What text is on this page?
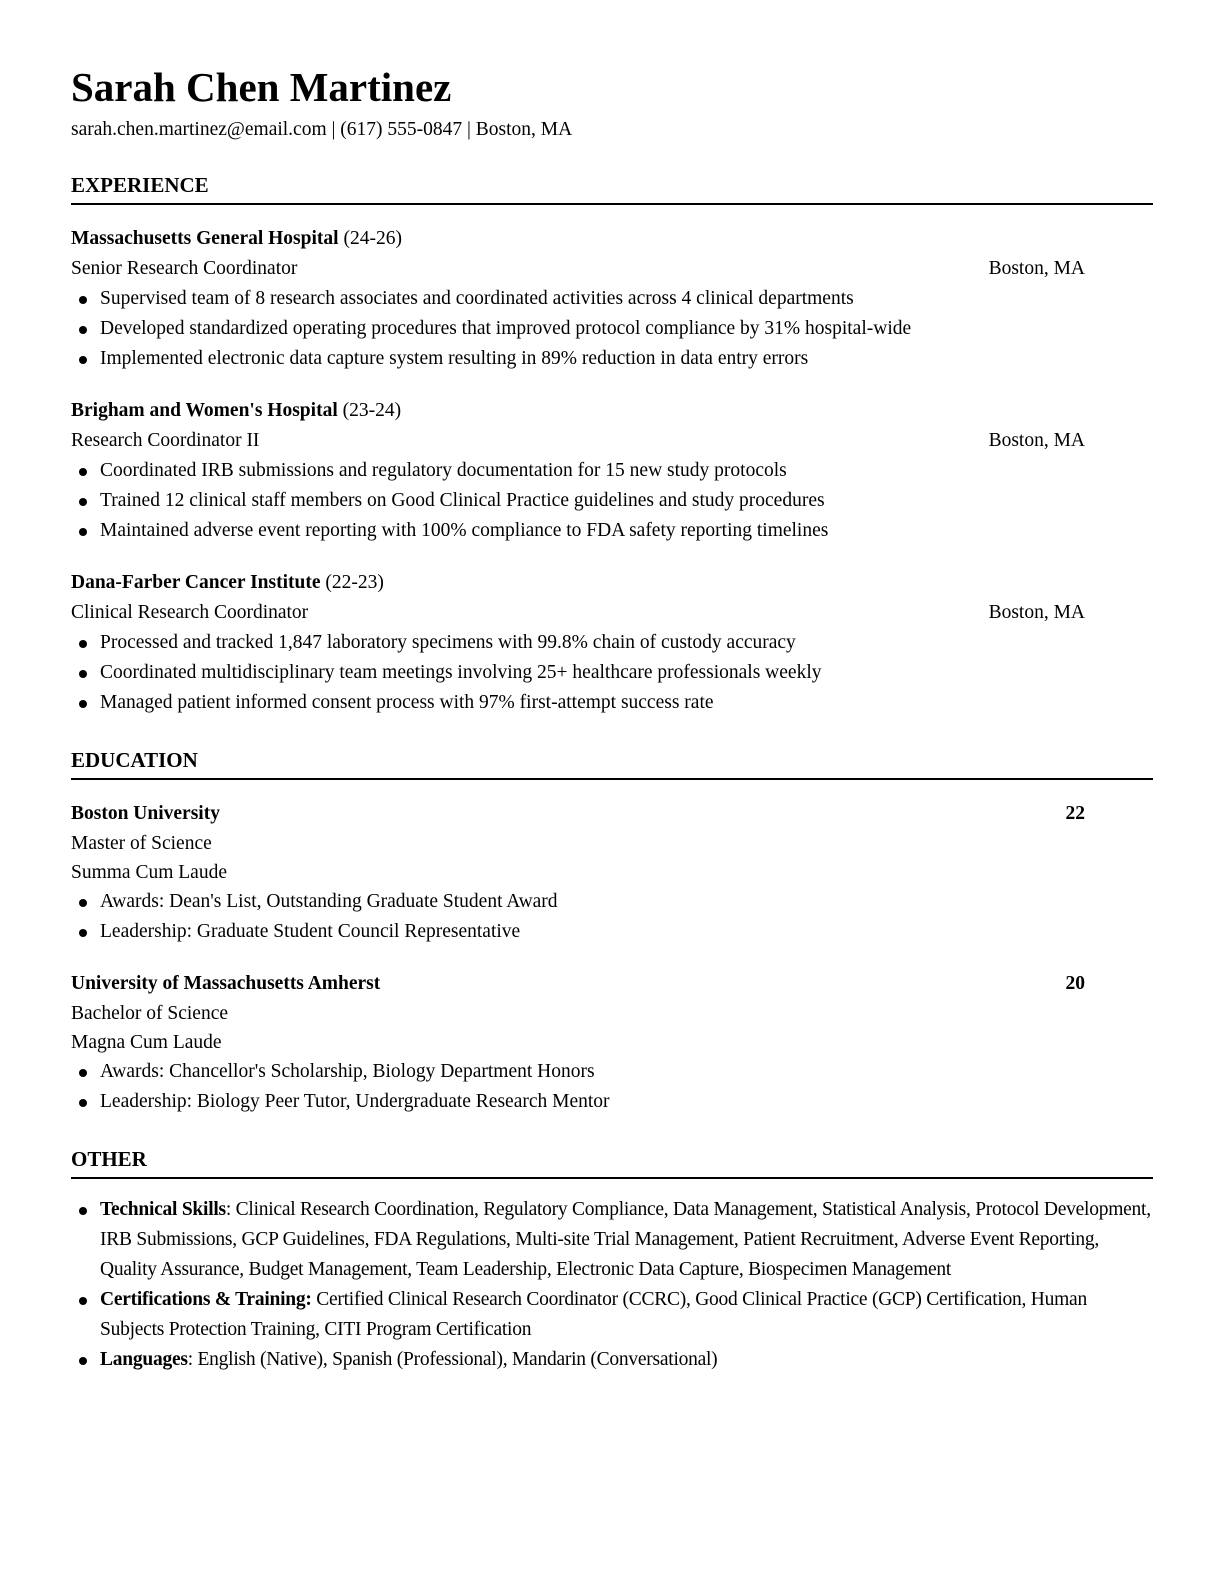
Sarah Chen Martinez
sarah.chen.martinez@email.com | (617) 555-0847 | Boston, MA
EXPERIENCE
Massachusetts General Hospital (24-26)
Senior Research Coordinator	Boston, MA
Supervised team of 8 research associates and coordinated activities across 4 clinical departments
Developed standardized operating procedures that improved protocol compliance by 31% hospital-wide
Implemented electronic data capture system resulting in 89% reduction in data entry errors
Brigham and Women's Hospital (23-24)
Research Coordinator II	Boston, MA
Coordinated IRB submissions and regulatory documentation for 15 new study protocols
Trained 12 clinical staff members on Good Clinical Practice guidelines and study procedures
Maintained adverse event reporting with 100% compliance to FDA safety reporting timelines
Dana-Farber Cancer Institute (22-23)
Clinical Research Coordinator	Boston, MA
Processed and tracked 1,847 laboratory specimens with 99.8% chain of custody accuracy
Coordinated multidisciplinary team meetings involving 25+ healthcare professionals weekly
Managed patient informed consent process with 97% first-attempt success rate
EDUCATION
Boston University	22
Master of Science
Summa Cum Laude
Awards: Dean's List, Outstanding Graduate Student Award
Leadership: Graduate Student Council Representative
University of Massachusetts Amherst	20
Bachelor of Science
Magna Cum Laude
Awards: Chancellor's Scholarship, Biology Department Honors
Leadership: Biology Peer Tutor, Undergraduate Research Mentor
OTHER
Technical Skills: Clinical Research Coordination, Regulatory Compliance, Data Management, Statistical Analysis, Protocol Development, IRB Submissions, GCP Guidelines, FDA Regulations, Multi-site Trial Management, Patient Recruitment, Adverse Event Reporting, Quality Assurance, Budget Management, Team Leadership, Electronic Data Capture, Biospecimen Management
Certifications & Training: Certified Clinical Research Coordinator (CCRC), Good Clinical Practice (GCP) Certification, Human Subjects Protection Training, CITI Program Certification
Languages: English (Native), Spanish (Professional), Mandarin (Conversational)
